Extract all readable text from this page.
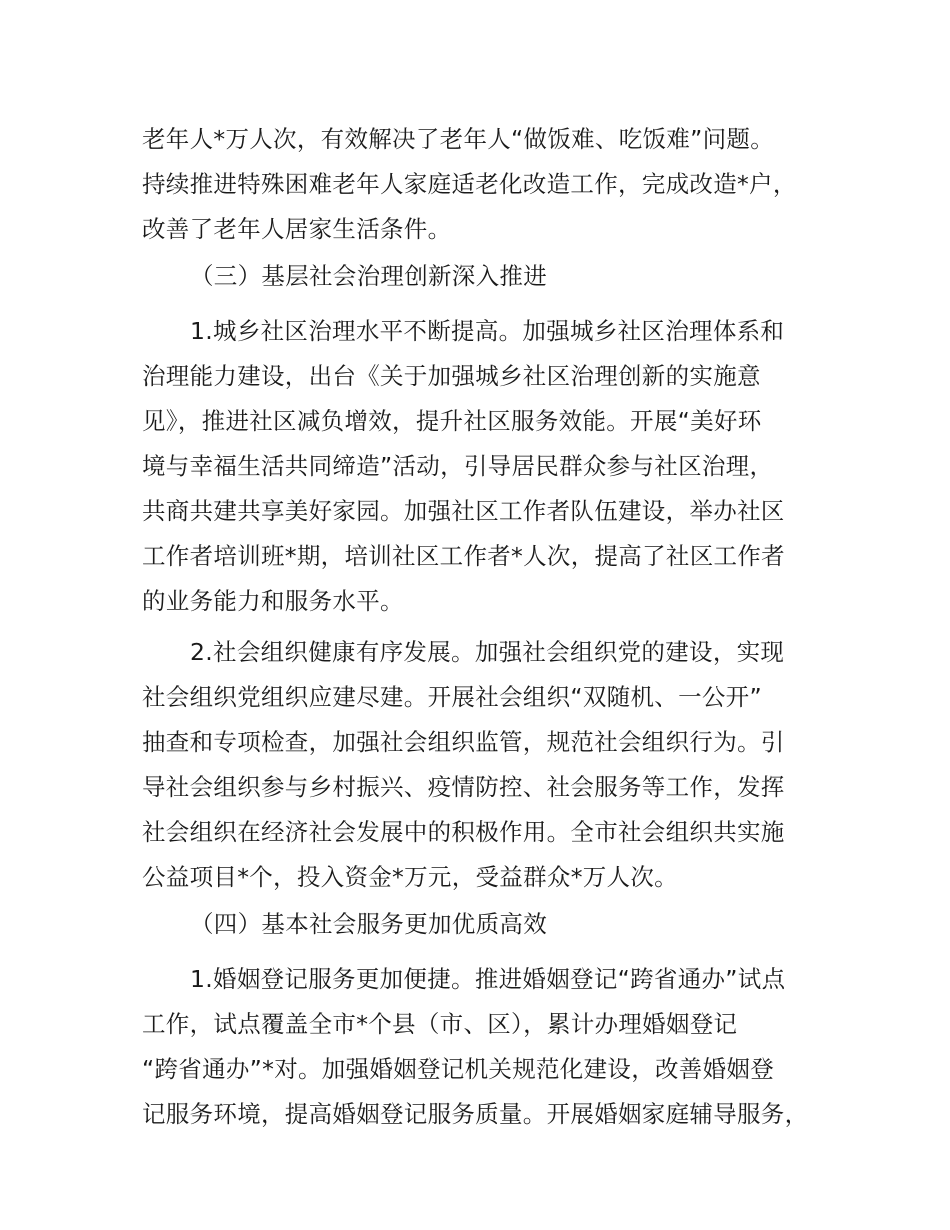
老年人*万人次，有效解决了老年人“做饭难、吃饭难”问题。
持续推进特殊困难老年人家庭适老化改造工作，完成改造*户，
改善了老年人居家生活条件。
（三）基层社会治理创新深入推进
1.城乡社区治理水平不断提高。加强城乡社区治理体系和
治理能力建设，出台《关于加强城乡社区治理创新的实施意
见》，推进社区减负增效，提升社区服务效能。开展“美好环
境与幸福生活共同缔造”活动，引导居民群众参与社区治理，
共商共建共享美好家园。加强社区工作者队伍建设，举办社区
工作者培训班*期，培训社区工作者*人次，提高了社区工作者
的业务能力和服务水平。
2.社会组织健康有序发展。加强社会组织党的建设，实现
社会组织党组织应建尽建。开展社会组织“双随机、一公开”
抽查和专项检查，加强社会组织监管，规范社会组织行为。引
导社会组织参与乡村振兴、疫情防控、社会服务等工作，发挥
社会组织在经济社会发展中的积极作用。全市社会组织共实施
公益项目*个，投入资金*万元，受益群众*万人次。
（四）基本社会服务更加优质高效
1.婚姻登记服务更加便捷。推进婚姻登记“跨省通办”试点
工作，试点覆盖全市*个县（市、区），累计办理婚姻登记
“跨省通办”*对。加强婚姻登记机关规范化建设，改善婚姻登
记服务环境，提高婚姻登记服务质量。开展婚姻家庭辅导服务，
